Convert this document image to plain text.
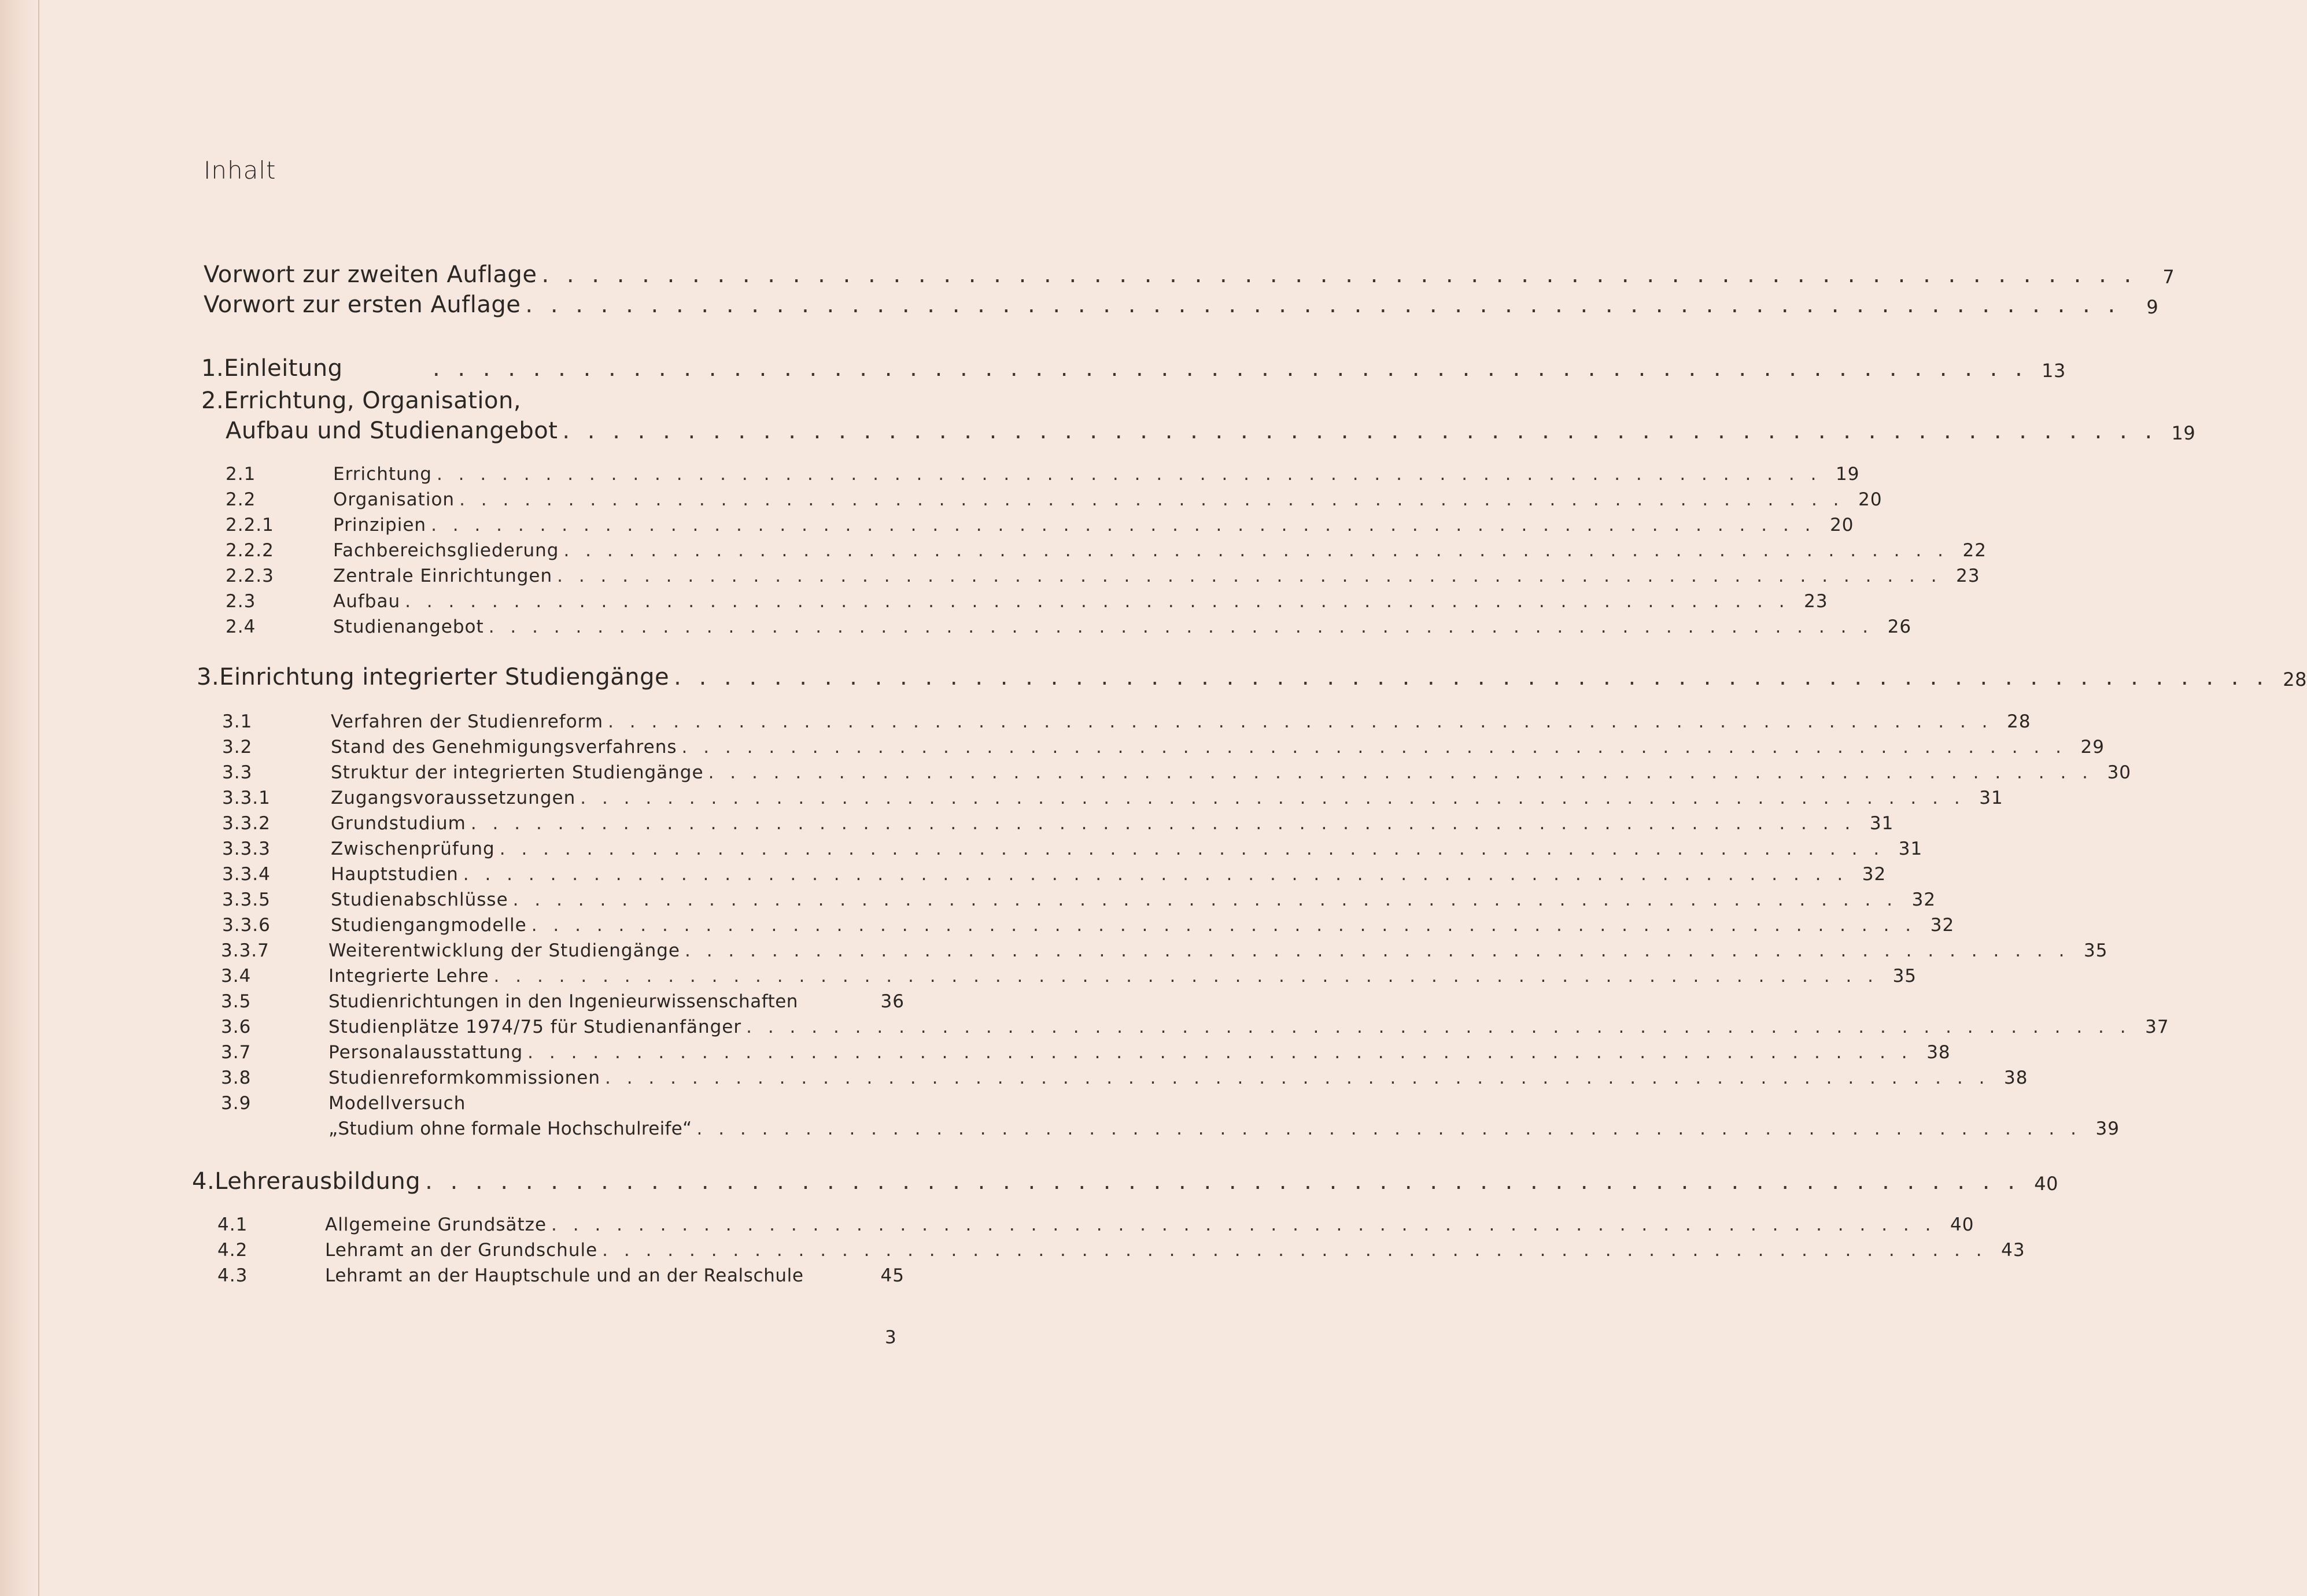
Inhalt
Vorwort zur zweiten Auflage . . . . . . . . . . . . . . . . . . . . . . . . . . . . . . . . . . . . . . . . . . . . . . . . . . . . . . . . . . . . . . . .	7
Vorwort zur ersten Auflage . . . . . . . . . . . . . . . . . . . . . . . . . . . . . . . . . . . . . . . . . . . . . . . . . . . . . . . . . . . . . . . .	9
1.Einleitung	. . . . . . . . . . . . . . . . . . . . . . . . . . . . . . . . . . . . . . . . . . . . . . . . . . . . . . . . . . . . . . . . 13
2.Errichtung, Organisation,
Aufbau und Studienangebot . . . . . . . . . . . . . . . . . . . . . . . . . . . . . . . . . . . . . . . . . . . . . . . . . . . . . . . . . . . . . . . . 19
2.1	Errichtung . . . . . . . . . . . . . . . . . . . . . . . . . . . . . . . . . . . . . . . . . . . . . . . . . . . . . . . . . . . . . . . . 19
2.2	Organisation . . . . . . . . . . . . . . . . . . . . . . . . . . . . . . . . . . . . . . . . . . . . . . . . . . . . . . . . . . . . . . . . 20
2.2.1	Prinzipien . . . . . . . . . . . . . . . . . . . . . . . . . . . . . . . . . . . . . . . . . . . . . . . . . . . . . . . . . . . . . . . . 20
2.2.2	Fachbereichsgliederung . . . . . . . . . . . . . . . . . . . . . . . . . . . . . . . . . . . . . . . . . . . . . . . . . . . . . . . . . . . . . . . . 22
2.2.3	Zentrale Einrichtungen . . . . . . . . . . . . . . . . . . . . . . . . . . . . . . . . . . . . . . . . . . . . . . . . . . . . . . . . . . . . . . . . 23
2.3	Aufbau . . . . . . . . . . . . . . . . . . . . . . . . . . . . . . . . . . . . . . . . . . . . . . . . . . . . . . . . . . . . . . . . 23
2.4	Studienangebot . . . . . . . . . . . . . . . . . . . . . . . . . . . . . . . . . . . . . . . . . . . . . . . . . . . . . . . . . . . . . . . . 26
3.Einrichtung integrierter Studiengänge . . . . . . . . . . . . . . . . . . . . . . . . . . . . . . . . . . . . . . . . . . . . . . . . . . . . . . . . . . . . . . . . 28
3.1	Verfahren der Studienreform . . . . . . . . . . . . . . . . . . . . . . . . . . . . . . . . . . . . . . . . . . . . . . . . . . . . . . . . . . . . . . . . 28
3.2	Stand des Genehmigungsverfahrens . . . . . . . . . . . . . . . . . . . . . . . . . . . . . . . . . . . . . . . . . . . . . . . . . . . . . . . . . . . . . . . . 29
3.3	Struktur der integrierten Studiengänge . . . . . . . . . . . . . . . . . . . . . . . . . . . . . . . . . . . . . . . . . . . . . . . . . . . . . . . . . . . . . . . . 30
3.3.1	Zugangsvoraussetzungen . . . . . . . . . . . . . . . . . . . . . . . . . . . . . . . . . . . . . . . . . . . . . . . . . . . . . . . . . . . . . . . . 31
3.3.2	Grundstudium . . . . . . . . . . . . . . . . . . . . . . . . . . . . . . . . . . . . . . . . . . . . . . . . . . . . . . . . . . . . . . . . 31
3.3.3	Zwischenprüfung . . . . . . . . . . . . . . . . . . . . . . . . . . . . . . . . . . . . . . . . . . . . . . . . . . . . . . . . . . . . . . . . 31
3.3.4	Hauptstudien . . . . . . . . . . . . . . . . . . . . . . . . . . . . . . . . . . . . . . . . . . . . . . . . . . . . . . . . . . . . . . . . 32
3.3.5	Studienabschlüsse . . . . . . . . . . . . . . . . . . . . . . . . . . . . . . . . . . . . . . . . . . . . . . . . . . . . . . . . . . . . . . . . 32
3.3.6	Studiengangmodelle . . . . . . . . . . . . . . . . . . . . . . . . . . . . . . . . . . . . . . . . . . . . . . . . . . . . . . . . . . . . . . . . 32
3.3.7	Weiterentwicklung der Studiengänge . . . . . . . . . . . . . . . . . . . . . . . . . . . . . . . . . . . . . . . . . . . . . . . . . . . . . . . . . . . . . . . . 35
3.4	Integrierte Lehre . . . . . . . . . . . . . . . . . . . . . . . . . . . . . . . . . . . . . . . . . . . . . . . . . . . . . . . . . . . . . . . . 35
3.5	Studienrichtungen in den Ingenieurwissenschaften	36
3.6	Studienplätze 1974/75 für Studienanfänger . . . . . . . . . . . . . . . . . . . . . . . . . . . . . . . . . . . . . . . . . . . . . . . . . . . . . . . . . . . . . . . . 37
3.7	Personalausstattung . . . . . . . . . . . . . . . . . . . . . . . . . . . . . . . . . . . . . . . . . . . . . . . . . . . . . . . . . . . . . . . . 38
3.8	Studienreformkommissionen . . . . . . . . . . . . . . . . . . . . . . . . . . . . . . . . . . . . . . . . . . . . . . . . . . . . . . . . . . . . . . . . 38
3.9	Modellversuch
„Studium ohne formale Hochschulreife“ . . . . . . . . . . . . . . . . . . . . . . . . . . . . . . . . . . . . . . . . . . . . . . . . . . . . . . . . . . . . . . . . 39
4.Lehrerausbildung . . . . . . . . . . . . . . . . . . . . . . . . . . . . . . . . . . . . . . . . . . . . . . . . . . . . . . . . . . . . . . . . 40
4.1	Allgemeine Grundsätze . . . . . . . . . . . . . . . . . . . . . . . . . . . . . . . . . . . . . . . . . . . . . . . . . . . . . . . . . . . . . . . . 40
4.2	Lehramt an der Grundschule . . . . . . . . . . . . . . . . . . . . . . . . . . . . . . . . . . . . . . . . . . . . . . . . . . . . . . . . . . . . . . . . 43
4.3	Lehramt an der Hauptschule und an der Realschule	45
3
